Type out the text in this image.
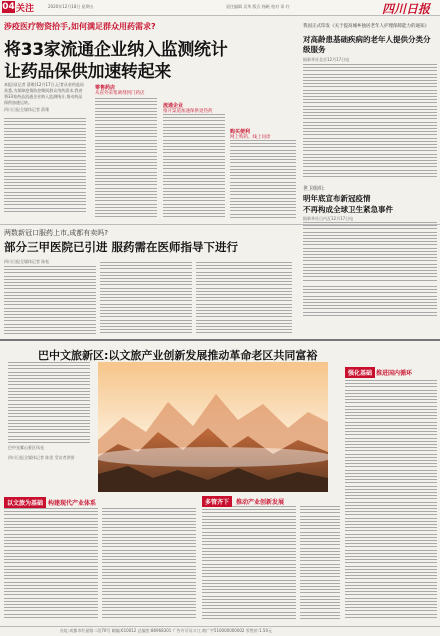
04 关注	2020年12月18日 星期五	责任编辑 吴华 版式 杨帆 校对 邓 红	四川日报
涉疫医疗物资拾手,如何满足群众用药需求?
将33家流通企业纳入监测统计
让药品保供加速转起来
本报讯(记者 薛维)12月17日,记者从省药监局获悉,为保障疫情防控期间群众用药需求,我省将33家药品流通企业纳入监测统计,推动药品保供加速运转。
四川日报全媒体记者 薛维
零售药店
从省外采集调剂到门药店
流通企业
推开渠道加速保供退热药
购买便利
网上购药、线上问诊
我国正式印发《关于提高城乡独居老年人护理保障能力的通知》
对高龄患基础疾病的老年人提供分类分级服务
据新华社北京12月17日电
世卫组织:
明年底宣布新冠疫情
不再构成全球卫生紧急事件
据新华社日内瓦12月17日电
两数新冠口服药上市,成都有卖吗?
部分三甲医院已引进 服药需在医师指导下进行
四川日报全媒体记者 陈松
巴中文旅新区:以文旅产业创新发展推动革命老区共同富裕
巴中光雾山景区风光
以文旅为基础 构建现代产业体系	多管齐下	推动产业创新发展
强化基础 推进国内循环
四川日报全媒体记者 陈雷 受访者供图
社址:成都市红星路二段70号 邮编:610012 总编室:86968301 广告许可证:川工商广字510000000002 零售价:1.50元
